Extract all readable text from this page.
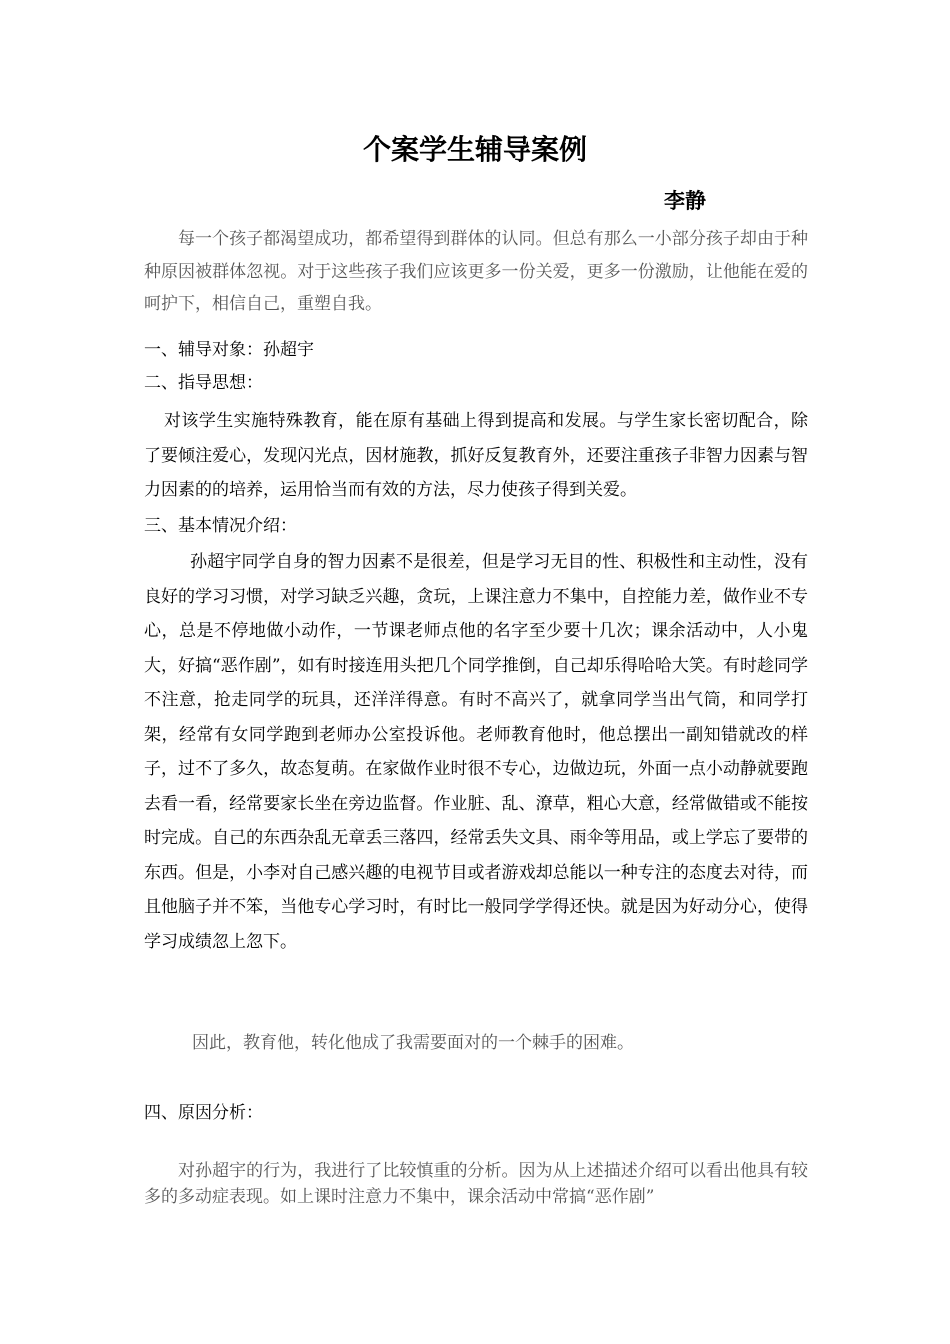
个案学生辅导案例

李静

每一个孩子都渴望成功，都希望得到群体的认同。但总有那么一小部分孩子却由于种种原因被群体忽视。对于这些孩子我们应该更多一份关爱，更多一份激励，让他能在爱的呵护下，相信自己，重塑自我。

一、辅导对象：孙超宇

二、指导思想：

对该学生实施特殊教育，能在原有基础上得到提高和发展。与学生家长密切配合，除了要倾注爱心，发现闪光点，因材施教，抓好反复教育外，还要注重孩子非智力因素与智力因素的的培养，运用恰当而有效的方法，尽力使孩子得到关爱。

三、基本情况介绍：

孙超宇同学自身的智力因素不是很差，但是学习无目的性、积极性和主动性，没有良好的学习习惯，对学习缺乏兴趣，贪玩，上课注意力不集中，自控能力差，做作业不专心，总是不停地做小动作，一节课老师点他的名字至少要十几次；课余活动中，人小鬼大，好搞“恶作剧”，如有时接连用头把几个同学推倒，自己却乐得哈哈大笑。有时趁同学不注意，抢走同学的玩具，还洋洋得意。有时不高兴了，就拿同学当出气筒，和同学打架，经常有女同学跑到老师办公室投诉他。老师教育他时，他总摆出一副知错就改的样子，过不了多久，故态复萌。在家做作业时很不专心，边做边玩，外面一点小动静就要跑去看一看，经常要家长坐在旁边监督。作业脏、乱、潦草，粗心大意，经常做错或不能按时完成。自己的东西杂乱无章丢三落四，经常丢失文具、雨伞等用品，或上学忘了要带的东西。但是，小李对自己感兴趣的电视节目或者游戏却总能以一种专注的态度去对待，而且他脑子并不笨，当他专心学习时，有时比一般同学学得还快。就是因为好动分心，使得学习成绩忽上忽下。

因此，教育他，转化他成了我需要面对的一个棘手的困难。

四、原因分析：

对孙超宇的行为，我进行了比较慎重的分析。因为从上述描述介绍可以看出他具有较多的多动症表现。如上课时注意力不集中，课余活动中常搞“恶作剧”
